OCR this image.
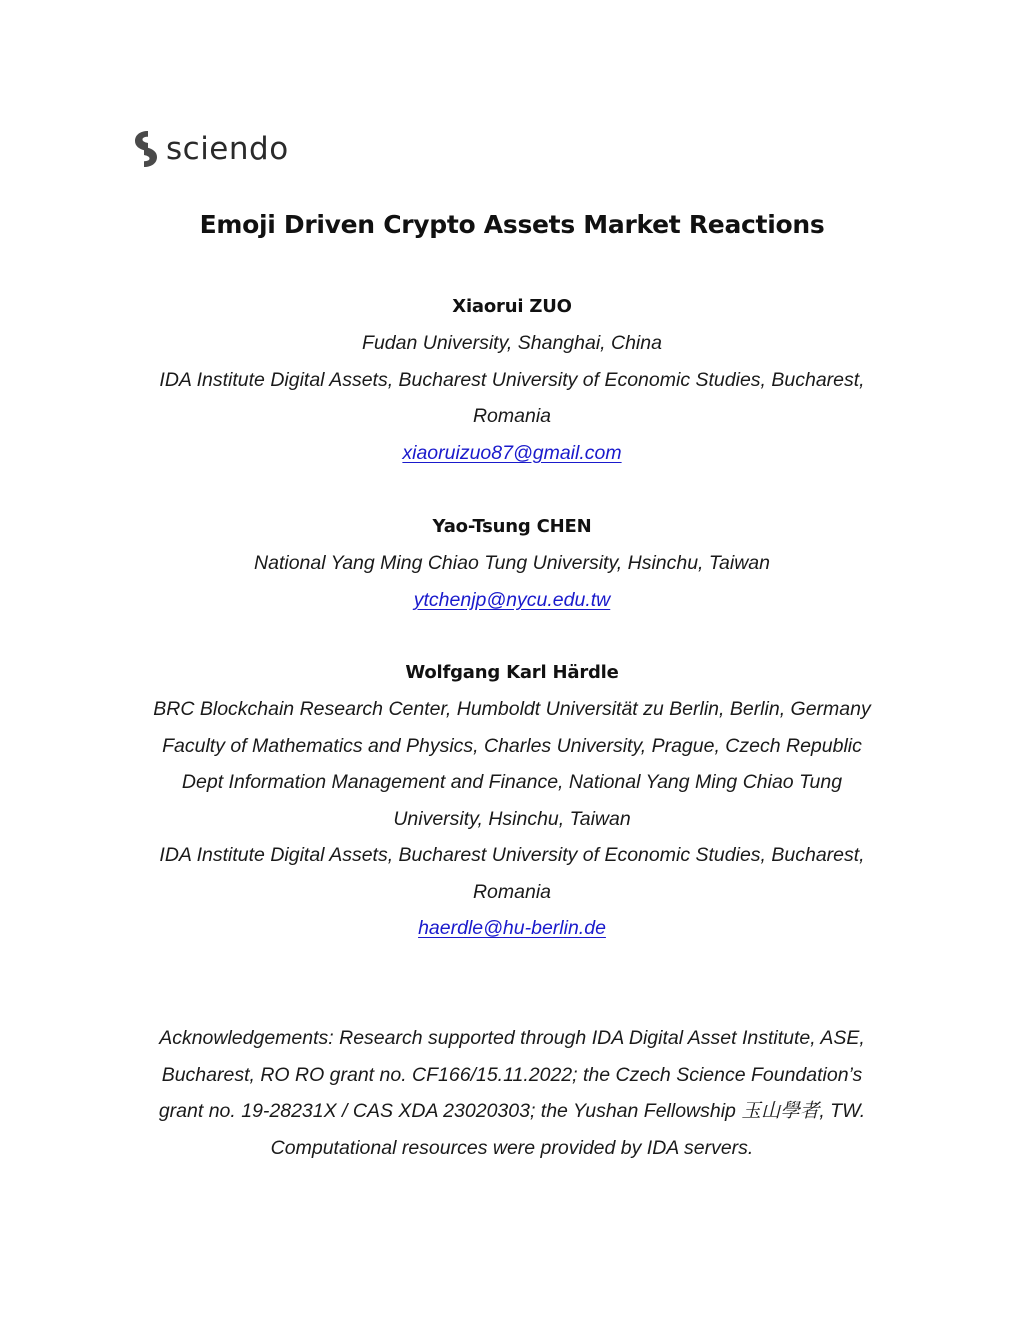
sciendo
Emoji Driven Crypto Assets Market Reactions
Xiaorui ZUO
Fudan University, Shanghai, China
IDA Institute Digital Assets, Bucharest University of Economic Studies, Bucharest,
Romania
xiaoruizuo87@gmail.com
Yao-Tsung CHEN
National Yang Ming Chiao Tung University, Hsinchu, Taiwan
ytchenjp@nycu.edu.tw
Wolfgang Karl Härdle
BRC Blockchain Research Center, Humboldt Universität zu Berlin, Berlin, Germany
Faculty of Mathematics and Physics, Charles University, Prague, Czech Republic
Dept Information Management and Finance, National Yang Ming Chiao Tung
University, Hsinchu, Taiwan
IDA Institute Digital Assets, Bucharest University of Economic Studies, Bucharest,
Romania
haerdle@hu-berlin.de
Acknowledgements: Research supported through IDA Digital Asset Institute, ASE,
Bucharest, RO RO grant no. CF166/15.11.2022; the Czech Science Foundation’s
grant no. 19-28231X / CAS XDA 23020303; the Yushan Fellowship 玉山學者, TW.
Computational resources were provided by IDA servers.
